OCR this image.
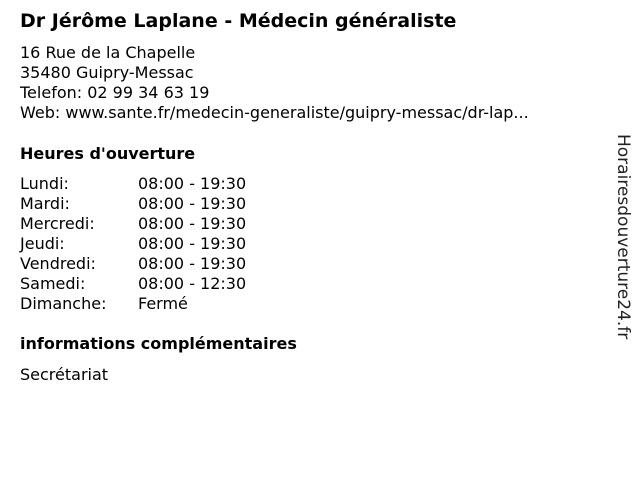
Dr Jérôme Laplane - Médecin généraliste
16 Rue de la Chapelle
35480 Guipry-Messac
Telefon: 02 99 34 63 19
Web: www.sante.fr/medecin-generaliste/guipry-messac/dr-lap...
Heures d'ouverture
Lundi:	08:00 - 19:30
Mardi:	08:00 - 19:30
Mercredi:	08:00 - 19:30
Jeudi:	08:00 - 19:30
Vendredi:	08:00 - 19:30
Samedi:	08:00 - 12:30
Dimanche:	Fermé
informations complémentaires
Secrétariat
Horairesdouverture24.fr
